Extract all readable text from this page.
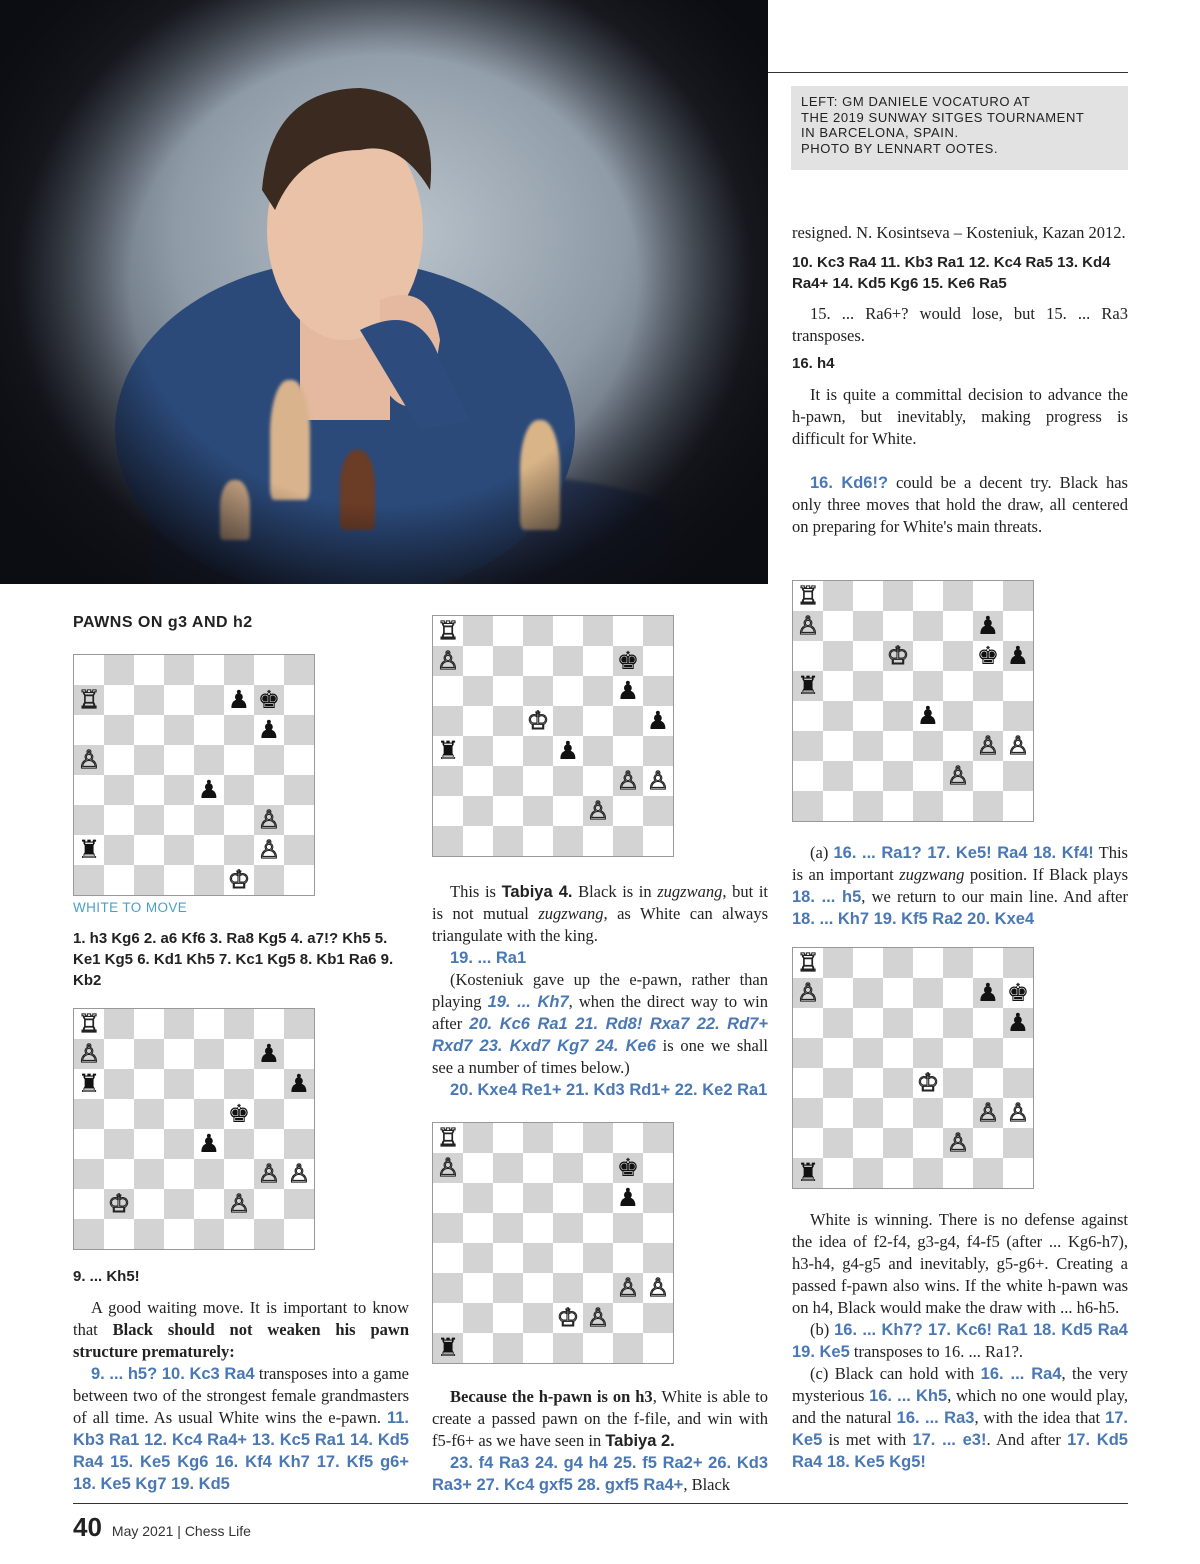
LEFT: GM DANIELE VOCATURO AT
THE 2019 SUNWAY SITGES TOURNAMENT
IN BARCELONA, SPAIN.
PHOTO BY LENNART OOTES.
PAWNS ON g3 AND h2
♖	♟ ♚
♟
♙
♟
♙
♜	♙
♔
WHITE TO MOVE

1. h3 Kg6 2. a6 Kf6 3. Ra8 Kg5 4. a7!? Kh5 5. Ke1 Kg5 6. Kd1 Kh5 7. Kc1 Kg5 8. Kb1 Ra6 9. Kb2

♖
♙	♟
♜	♟
♚
♟
♙ ♙
♔	♙

9. ... Kh5!

A good waiting move. It is important to know that Black should not weaken his pawn structure prematurely:

9. ... h5? 10. Kc3 Ra4 transposes into a game between two of the strongest female grandmasters of all time. As usual White wins the e-pawn. 11. Kb3 Ra1 12. Kc4 Ra4+ 13. Kc5 Ra1 14. Kd5 Ra4 15. Ke5 Kg6 16. Kf4 Kh7 17. Kf5 g6+ 18. Ke5 Kg7 19. Kd5

♖
♙	♚
♟
♔	♟
♜	♟
♙ ♙
♙

This is Tabiya 4. Black is in zugzwang, but it is not mutual zugzwang, as White can always triangulate with the king.

19. ... Ra1

(Kosteniuk gave up the e-pawn, rather than playing 19. ... Kh7, when the direct way to win after 20. Kc6 Ra1 21. Rd8! Rxa7 22. Rd7+ Rxd7 23. Kxd7 Kg7 24. Ke6 is one we shall see a number of times below.)

20. Kxe4 Re1+ 21. Kd3 Rd1+ 22. Ke2 Ra1

♖
♙	♚
♟
♙ ♙
♔ ♙
♜

Because the h-pawn is on h3, White is able to create a passed pawn on the f-file, and win with f5-f6+ as we have seen in Tabiya 2.

23. f4 Ra3 24. g4 h4 25. f5 Ra2+ 26. Kd3 Ra3+ 27. Kc4 gxf5 28. gxf5 Ra4+, Black

resigned. N. Kosintseva – Kosteniuk, Kazan 2012.

10. Kc3 Ra4 11. Kb3 Ra1 12. Kc4 Ra5 13. Kd4 Ra4+ 14. Kd5 Kg6 15. Ke6 Ra5

15. ... Ra6+? would lose, but 15. ... Ra3 transposes.

16. h4

It is quite a committal decision to advance the h-pawn, but inevitably, making progress is difficult for White.

16. Kd6!? could be a decent try. Black has only three moves that hold the draw, all centered on preparing for White's main threats.

♖
♙	♟
♔	♚ ♟
♜
♟
♙ ♙
♙

(a) 16. ... Ra1? 17. Ke5! Ra4 18. Kf4! This is an important zugzwang position. If Black plays 18. ... h5, we return to our main line. And after 18. ... Kh7 19. Kf5 Ra2 20. Kxe4

♖
♙	♟ ♚
♟
♔
♙ ♙
♙
♜

White is winning. There is no defense against the idea of f2-f4, g3-g4, f4-f5 (after ... Kg6-h7), h3-h4, g4-g5 and inevitably, g5-g6+. Creating a passed f-pawn also wins. If the white h-pawn was on h4, Black would make the draw with ... h6-h5.

(b) 16. ... Kh7? 17. Kc6! Ra1 18. Kd5 Ra4 19. Ke5 transposes to 16. ... Ra1?.

(c) Black can hold with 16. ... Ra4, the very mysterious 16. ... Kh5, which no one would play, and the natural 16. ... Ra3, with the idea that 17. Ke5 is met with 17. ... e3!. And after 17. Kd5 Ra4 18. Ke5 Kg5!

40 May 2021 | Chess Life
